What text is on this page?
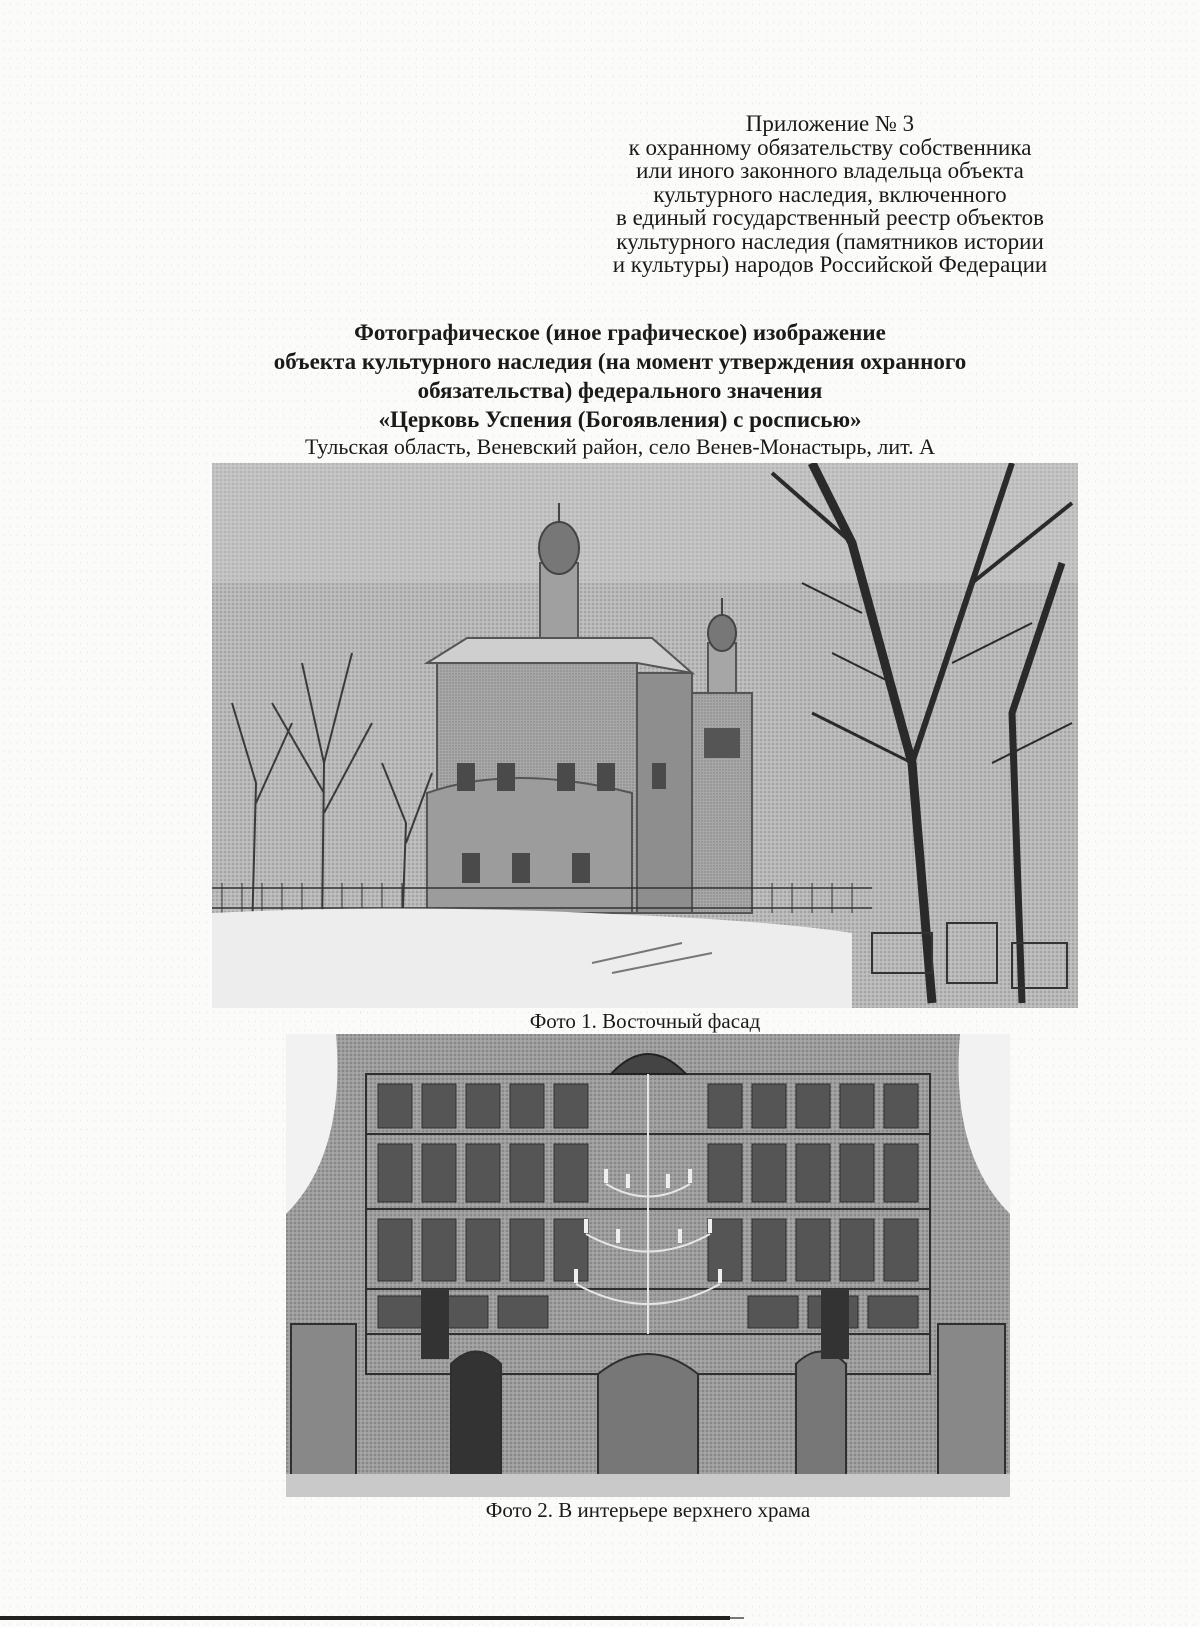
Приложение № 3
к охранному обязательству собственника
или иного законного владельца объекта
культурного наследия, включенного
в единый государственный реестр объектов
культурного наследия (памятников истории
и культуры) народов Российской Федерации
Фотографическое (иное графическое) изображение
объекта культурного наследия (на момент утверждения охранного
обязательства) федерального значения
«Церковь Успения (Богоявления) с росписью»
Тульская область, Веневский район, село Венев-Монастырь, лит. А
Фото 1. Восточный фасад
Фото 2. В интерьере верхнего храма
